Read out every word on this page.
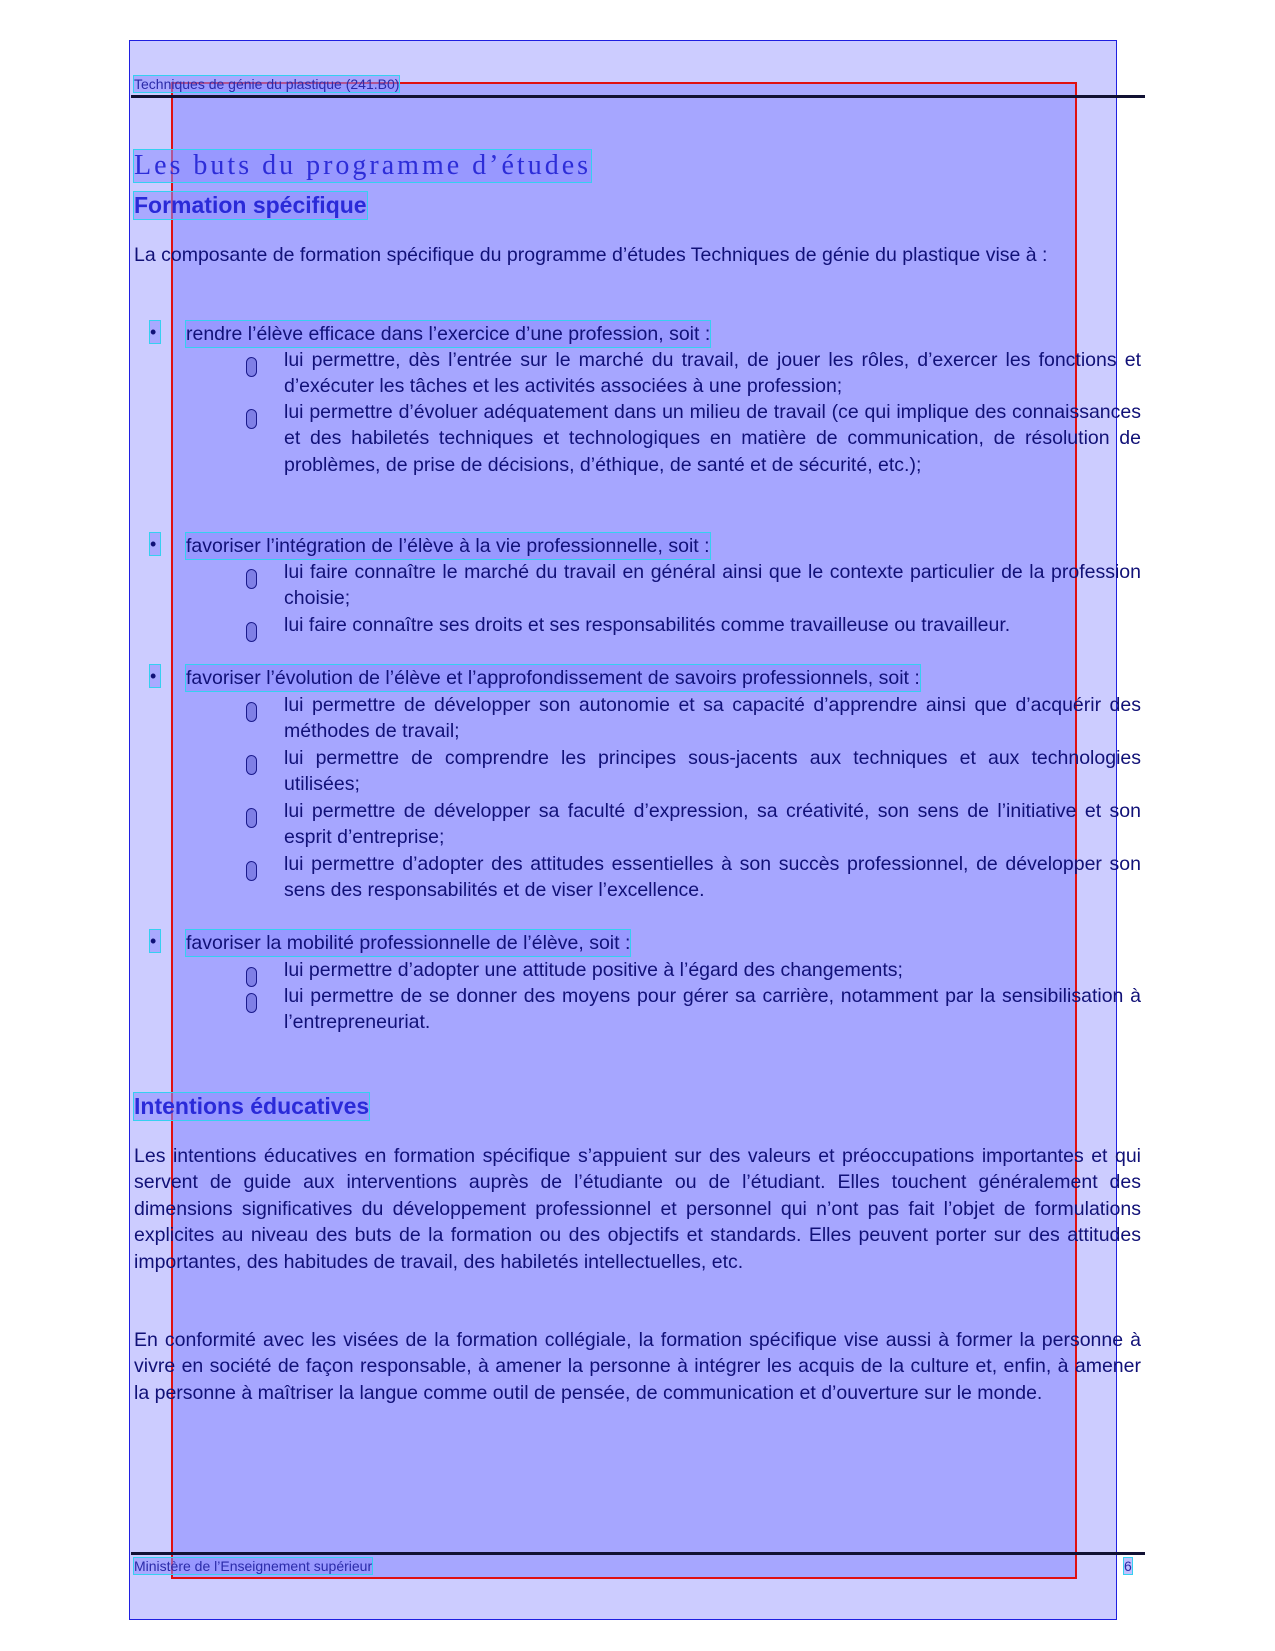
Techniques de génie du plastique (241.B0)
Les buts du programme d’études
Formation spécifique

La composante de formation spécifique du programme d’études Techniques de génie du plastique vise à :

• rendre l’élève efficace dans l’exercice d’une profession, soit :
lui permettre, dès l’entrée sur le marché du travail, de jouer les rôles, d’exercer les fonctions et d’exécuter les tâches et les activités associées à une profession;
lui permettre d’évoluer adéquatement dans un milieu de travail (ce qui implique des connaissances et des habiletés techniques et technologiques en matière de communication, de résolution de problèmes, de prise de décisions, d’éthique, de santé et de sécurité, etc.);
• favoriser l’intégration de l’élève à la vie professionnelle, soit :
lui faire connaître le marché du travail en général ainsi que le contexte particulier de la profession choisie;
lui faire connaître ses droits et ses responsabilités comme travailleuse ou travailleur.
• favoriser l’évolution de l’élève et l’approfondissement de savoirs professionnels, soit :
lui permettre de développer son autonomie et sa capacité d’apprendre ainsi que d’acquérir des méthodes de travail;
lui permettre de comprendre les principes sous-jacents aux techniques et aux technologies utilisées;
lui permettre de développer sa faculté d’expression, sa créativité, son sens de l’initiative et son esprit d’entreprise;
lui permettre d’adopter des attitudes essentielles à son succès professionnel, de développer son sens des responsabilités et de viser l’excellence.
• favoriser la mobilité professionnelle de l’élève, soit :
lui permettre d’adopter une attitude positive à l’égard des changements;
lui permettre de se donner des moyens pour gérer sa carrière, notamment par la sensibilisation à l’entrepreneuriat.
Intentions éducatives

Les intentions éducatives en formation spécifique s’appuient sur des valeurs et préoccupations importantes et qui servent de guide aux interventions auprès de l’étudiante ou de l’étudiant. Elles touchent généralement des dimensions significatives du développement professionnel et personnel qui n’ont pas fait l’objet de formulations explicites au niveau des buts de la formation ou des objectifs et standards. Elles peuvent porter sur des attitudes importantes, des habitudes de travail, des habiletés intellectuelles, etc.

En conformité avec les visées de la formation collégiale, la formation spécifique vise aussi à former la personne à vivre en société de façon responsable, à amener la personne à intégrer les acquis de la culture et, enfin, à amener la personne à maîtriser la langue comme outil de pensée, de communication et d’ouverture sur le monde.

Ministère de l’Enseignement supérieur	6
